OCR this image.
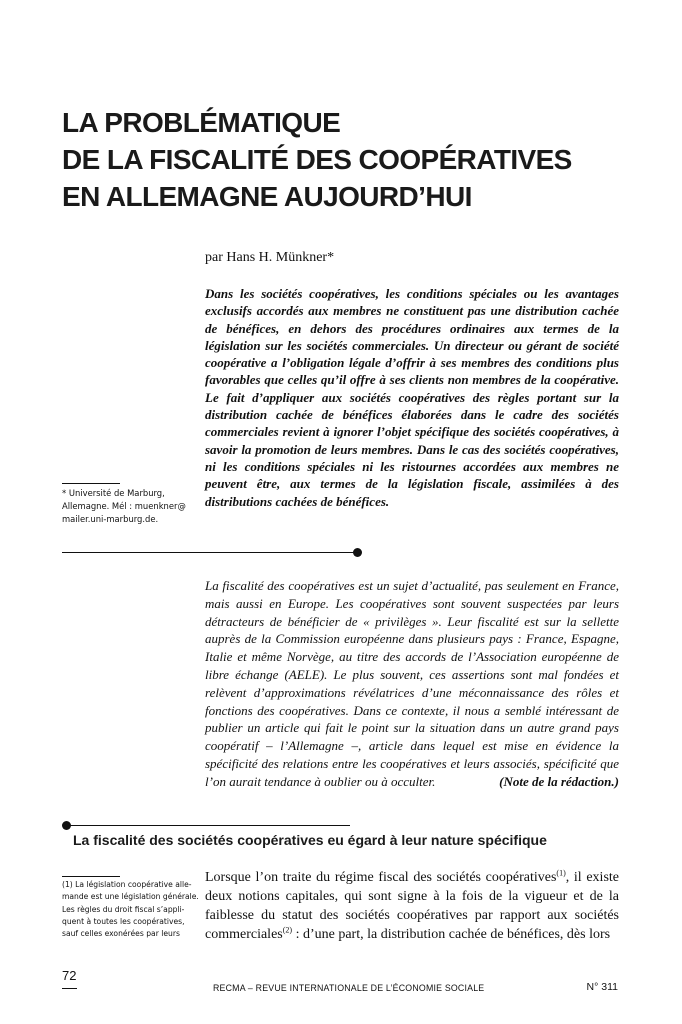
LA PROBLÉMATIQUE
DE LA FISCALITÉ DES COOPÉRATIVES
EN ALLEMAGNE AUJOURD’HUI
par Hans H. Münkner*

Dans les sociétés coopératives, les conditions spéciales ou les avantages exclusifs accordés aux membres ne constituent pas une distribution cachée de bénéfices, en dehors des procédures ordinaires aux termes de la législation sur les sociétés commerciales. Un directeur ou gérant de société coopérative a l’obligation légale d’offrir à ses membres des conditions plus favorables que celles qu’il offre à ses clients non membres de la coopérative. Le fait d’appliquer aux sociétés coopératives des règles portant sur la distribution cachée de bénéfices élaborées dans le cadre des sociétés commerciales revient à ignorer l’objet spécifique des sociétés coopératives, à savoir la promotion de leurs membres. Dans le cas des sociétés coopératives, ni les conditions spéciales ni les ristournes accordées aux membres ne peuvent être, aux termes de la législation fiscale, assimilées à des distributions cachées de bénéfices.

* Université de Marburg,
Allemagne. Mél : muenkner@
mailer.uni-marburg.de.

La fiscalité des coopératives est un sujet d’actualité, pas seulement en France, mais aussi en Europe. Les coopératives sont souvent suspectées par leurs détracteurs de bénéficier de « privilèges ». Leur fiscalité est sur la sellette auprès de la Commission européenne dans plusieurs pays : France, Espagne, Italie et même Norvège, au titre des accords de l’Association européenne de libre échange (AELE). Le plus souvent, ces assertions sont mal fondées et relèvent d’approximations révélatrices d’une méconnaissance des rôles et fonctions des coopératives. Dans ce contexte, il nous a semblé intéressant de publier un article qui fait le point sur la situation dans un autre grand pays coopératif – l’Allemagne –, article dans lequel est mise en évidence la spécificité des relations entre les coopératives et leurs associés, spécificité que l’on aurait tendance à oublier ou à occulter.	(Note de la rédaction.)

La fiscalité des sociétés coopératives eu égard à leur nature spécifique

(1) La législation coopérative alle-
mande est une législation générale.
Les règles du droit fiscal s’appli-
quent à toutes les coopératives,
sauf celles exonérées par leurs

Lorsque l’on traite du régime fiscal des sociétés coopératives$^{(1)}$, il existe deux notions capitales, qui sont signe à la fois de la vigueur et de la faiblesse du statut des sociétés coopératives par rapport aux sociétés commerciales$^{(2)}$ : d’une part, la distribution cachée de bénéfices, dès lors

72
RECMA – REVUE INTERNATIONALE DE L’ÉCONOMIE SOCIALE	N° 311
